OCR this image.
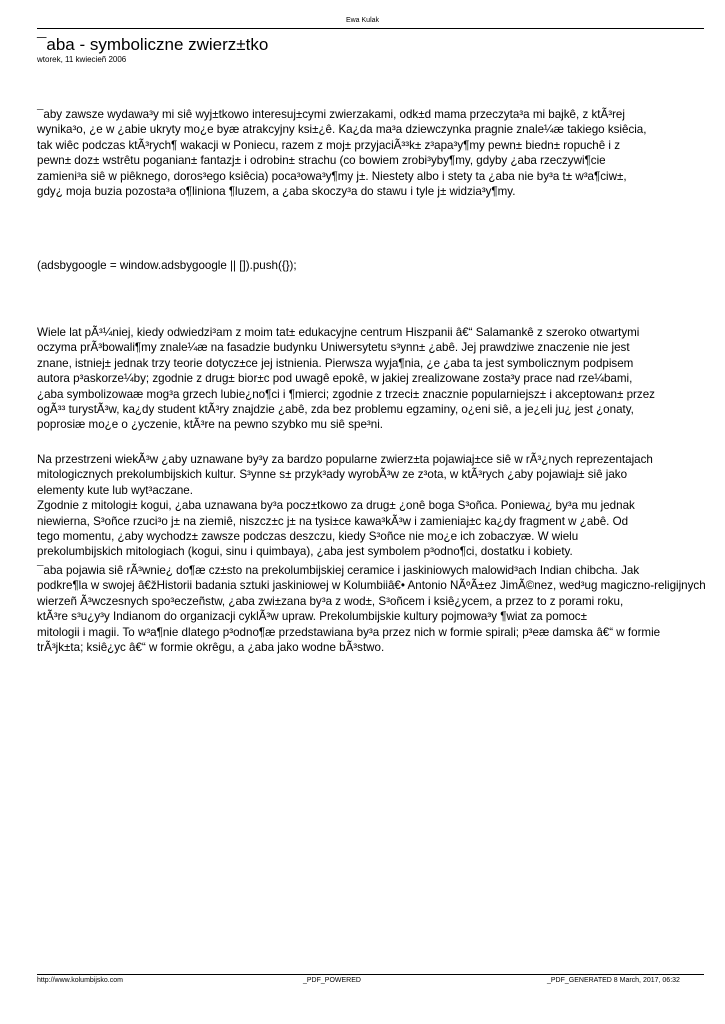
Ewa Kulak
¯aba - symboliczne zwierz±tko
wtorek, 11 kwiecieñ 2006

¯aby zawsze wydawa³y mi siê wyj±tkowo interesuj±cymi zwierzakami, odk±d mama przeczyta³a mi bajkê, z ktÃ³rej
wynika³o, ¿e w ¿abie ukryty mo¿e byæ atrakcyjny ksi±¿ê. Ka¿da ma³a dziewczynka pragnie znale¼æ takiego ksiêcia,
tak wiêc podczas ktÃ³rych¶ wakacji w Poniecu, razem z moj± przyjaciÃ³³k± z³apa³y¶my pewn± biedn± ropuchê i z
pewn± doz± wstrêtu poganian± fantazj± i odrobin± strachu (co bowiem zrobi³yby¶my, gdyby ¿aba rzeczywi¶cie
zamieni³a siê w piêknego, doros³ego ksiêcia) poca³owa³y¶my j±. Niestety albo i stety ta ¿aba nie by³a t± w³a¶ciw±,
gdy¿ moja buzia pozosta³a o¶liniona ¶luzem, a ¿aba skoczy³a do stawu i tyle j± widzia³y¶my.

(adsbygoogle = window.adsbygoogle || []).push({});

Wiele lat pÃ³¼niej, kiedy odwiedzi³am z moim tat± edukacyjne centrum Hiszpanii â€“ Salamankê z szeroko otwartymi
oczyma prÃ³bowali¶my znale¼æ na fasadzie budynku Uniwersytetu s³ynn± ¿abê. Jej prawdziwe znaczenie nie jest
znane, istniej± jednak trzy teorie dotycz±ce jej istnienia. Pierwsza wyja¶nia, ¿e ¿aba ta jest symbolicznym podpisem
autora p³askorze¼by; zgodnie z drug± bior±c pod uwagê epokê, w jakiej zrealizowane zosta³y prace nad rze¼bami,
¿aba symbolizowaæ mog³a grzech lubie¿no¶ci i ¶mierci; zgodnie z trzeci± znacznie popularniejsz± i akceptowan± przez
ogÃ³³ turystÃ³w, ka¿dy student ktÃ³ry znajdzie ¿abê, zda bez problemu egzaminy, o¿eni siê, a je¿eli ju¿ jest ¿onaty,
poprosiæ mo¿e o ¿yczenie, ktÃ³re na pewno szybko mu siê spe³ni.

Na przestrzeni wiekÃ³w ¿aby uznawane by³y za bardzo popularne zwierz±ta pojawiaj±ce siê w rÃ³¿nych reprezentajach
mitologicznych prekolumbijskich kultur. S³ynne s± przyk³ady wyrobÃ³w ze z³ota, w ktÃ³rych ¿aby pojawiaj± siê jako
elementy kute lub wyt³aczane.
Zgodnie z mitologi± kogui, ¿aba uznawana by³a pocz±tkowo za drug± ¿onê boga S³oñca. Poniewa¿ by³a mu jednak
niewierna, S³oñce rzuci³o j± na ziemiê, niszcz±c j± na tysi±ce kawa³kÃ³w i zamieniaj±c ka¿dy fragment w ¿abê. Od
tego momentu, ¿aby wychodz± zawsze podczas deszczu, kiedy S³oñce nie mo¿e ich zobaczyæ. W wielu
prekolumbijskich mitologiach (kogui, sinu i quimbaya), ¿aba jest symbolem p³odno¶ci, dostatku i kobiety.

¯aba pojawia siê rÃ³wnie¿ do¶æ cz±sto na prekolumbijskiej ceramice i jaskiniowych malowid³ach Indian chibcha. Jak
podkre¶la w swojej â€žHistorii badania sztuki jaskiniowej w Kolumbiiâ€• Antonio NÃºÃ±ez JimÃ©nez, wed³ug magiczno-religijnych
wierzeñ Ã³wczesnych spo³eczeñstw, ¿aba zwi±zana by³a z wod±, S³oñcem i ksiê¿ycem, a przez to z porami roku,
ktÃ³re s³u¿y³y Indianom do organizacji cyklÃ³w upraw. Prekolumbijskie kultury pojmowa³y ¶wiat za pomoc±
mitologii i magii. To w³a¶nie dlatego p³odno¶æ przedstawiana by³a przez nich w formie spirali; p³eæ damska â€“ w formie
trÃ³jk±ta; ksiê¿yc â€“ w formie okrêgu, a ¿aba jako wodne bÃ³stwo.

http://www.kolumbijsko.com	_PDF_POWERED	_PDF_GENERATED 8 March, 2017, 06:32
